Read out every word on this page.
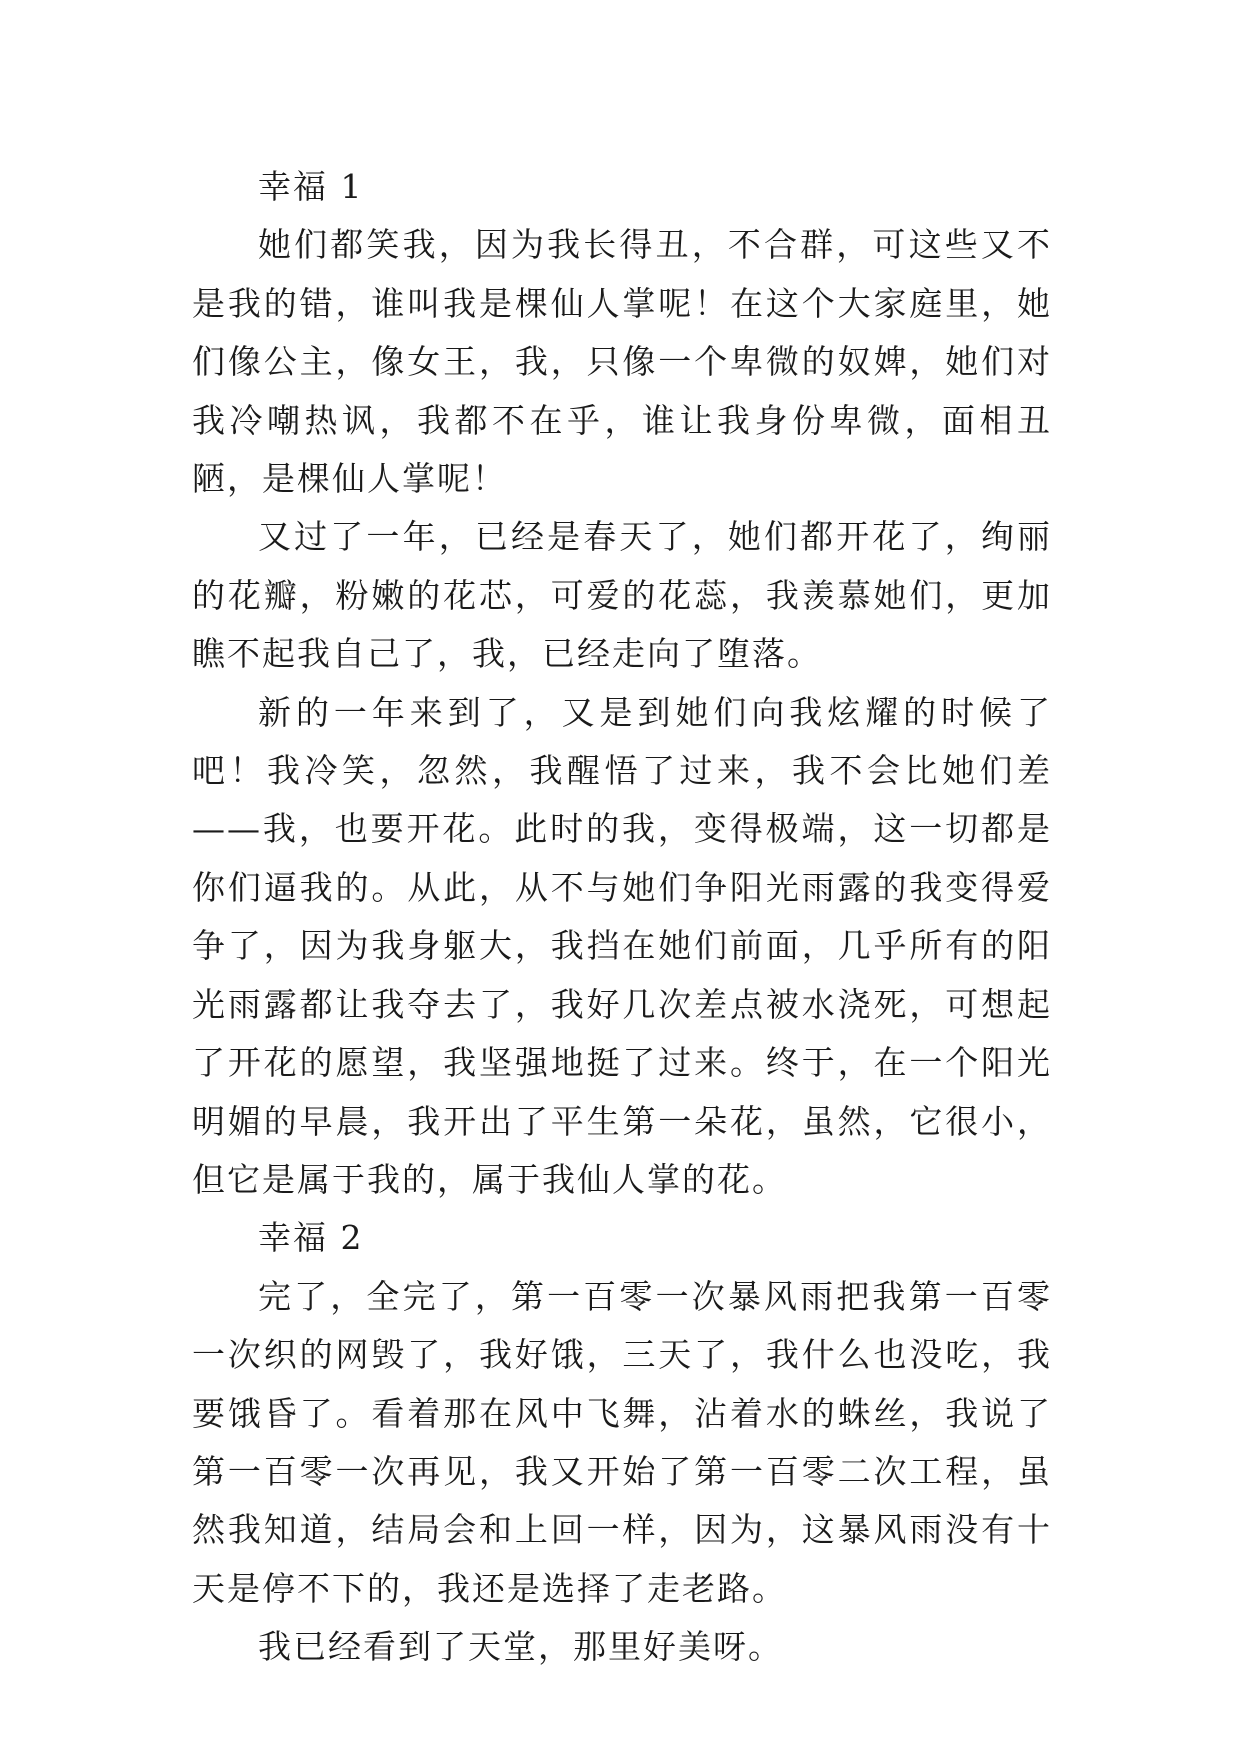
幸福 1

她们都笑我，因为我长得丑，不合群，可这些又不是我的错，谁叫我是棵仙人掌呢！在这个大家庭里，她们像公主，像女王，我，只像一个卑微的奴婢，她们对我冷嘲热讽，我都不在乎，谁让我身份卑微，面相丑陋，是棵仙人掌呢！

又过了一年，已经是春天了，她们都开花了，绚丽的花瓣，粉嫩的花芯，可爱的花蕊，我羡慕她们，更加瞧不起我自己了，我，已经走向了堕落。

新的一年来到了，又是到她们向我炫耀的时候了吧！我冷笑，忽然，我醒悟了过来，我不会比她们差——我，也要开花。此时的我，变得极端，这一切都是你们逼我的。从此，从不与她们争阳光雨露的我变得爱争了，因为我身躯大，我挡在她们前面，几乎所有的阳光雨露都让我夺去了，我好几次差点被水浇死，可想起了开花的愿望，我坚强地挺了过来。终于，在一个阳光明媚的早晨，我开出了平生第一朵花，虽然，它很小，但它是属于我的，属于我仙人掌的花。

幸福 2

完了，全完了，第一百零一次暴风雨把我第一百零一次织的网毁了，我好饿，三天了，我什么也没吃，我要饿昏了。看着那在风中飞舞，沾着水的蛛丝，我说了第一百零一次再见，我又开始了第一百零二次工程，虽然我知道，结局会和上回一样，因为，这暴风雨没有十天是停不下的，我还是选择了走老路。

我已经看到了天堂，那里好美呀。
